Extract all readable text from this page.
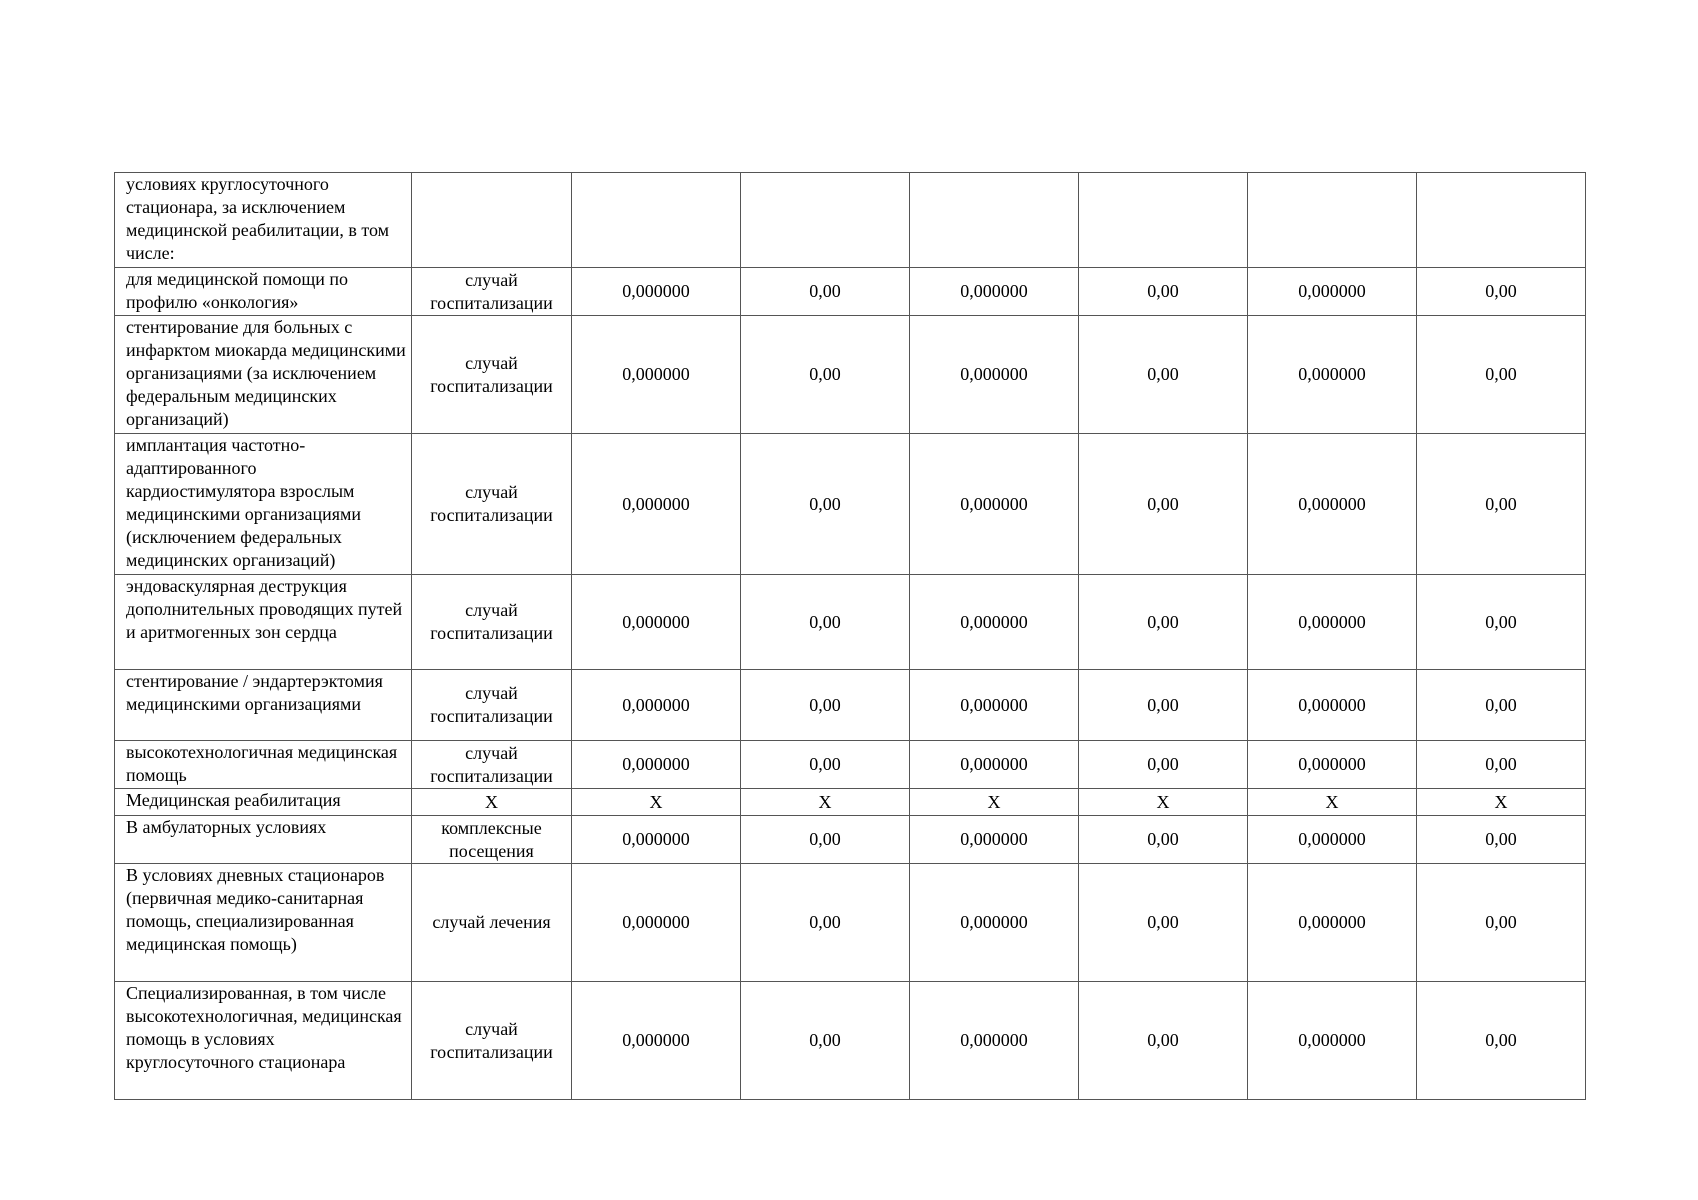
условиях круглосуточного стационара, за исключением медицинской реабилитации, в том числе:							
для медицинской помощи по профилю «онкология»	случай госпитализации	0,000000	0,00	0,000000	0,00	0,000000	0,00
стентирование для больных с инфарктом миокарда медицинскими организациями (за исключением федеральным медицинских организаций)	случай госпитализации	0,000000	0,00	0,000000	0,00	0,000000	0,00
имплантация частотно-адаптированного кардиостимулятора взрослым медицинскими организациями (исключением федеральных медицинских организаций)	случай госпитализации	0,000000	0,00	0,000000	0,00	0,000000	0,00
эндоваскулярная деструкция дополнительных проводящих путей и аритмогенных зон сердца	случай госпитализации	0,000000	0,00	0,000000	0,00	0,000000	0,00
стентирование / эндартерэктомия медицинскими организациями	случай госпитализации	0,000000	0,00	0,000000	0,00	0,000000	0,00
высокотехнологичная медицинская помощь	случай госпитализации	0,000000	0,00	0,000000	0,00	0,000000	0,00
Медицинская реабилитация	Х	Х	Х	Х	Х	Х	Х
В амбулаторных условиях	комплексные посещения	0,000000	0,00	0,000000	0,00	0,000000	0,00
В условиях дневных стационаров (первичная медико-санитарная помощь, специализированная медицинская помощь)	случай лечения	0,000000	0,00	0,000000	0,00	0,000000	0,00
Специализированная, в том числе высокотехнологичная, медицинская помощь в условиях круглосуточного стационара	случай госпитализации	0,000000	0,00	0,000000	0,00	0,000000	0,00
